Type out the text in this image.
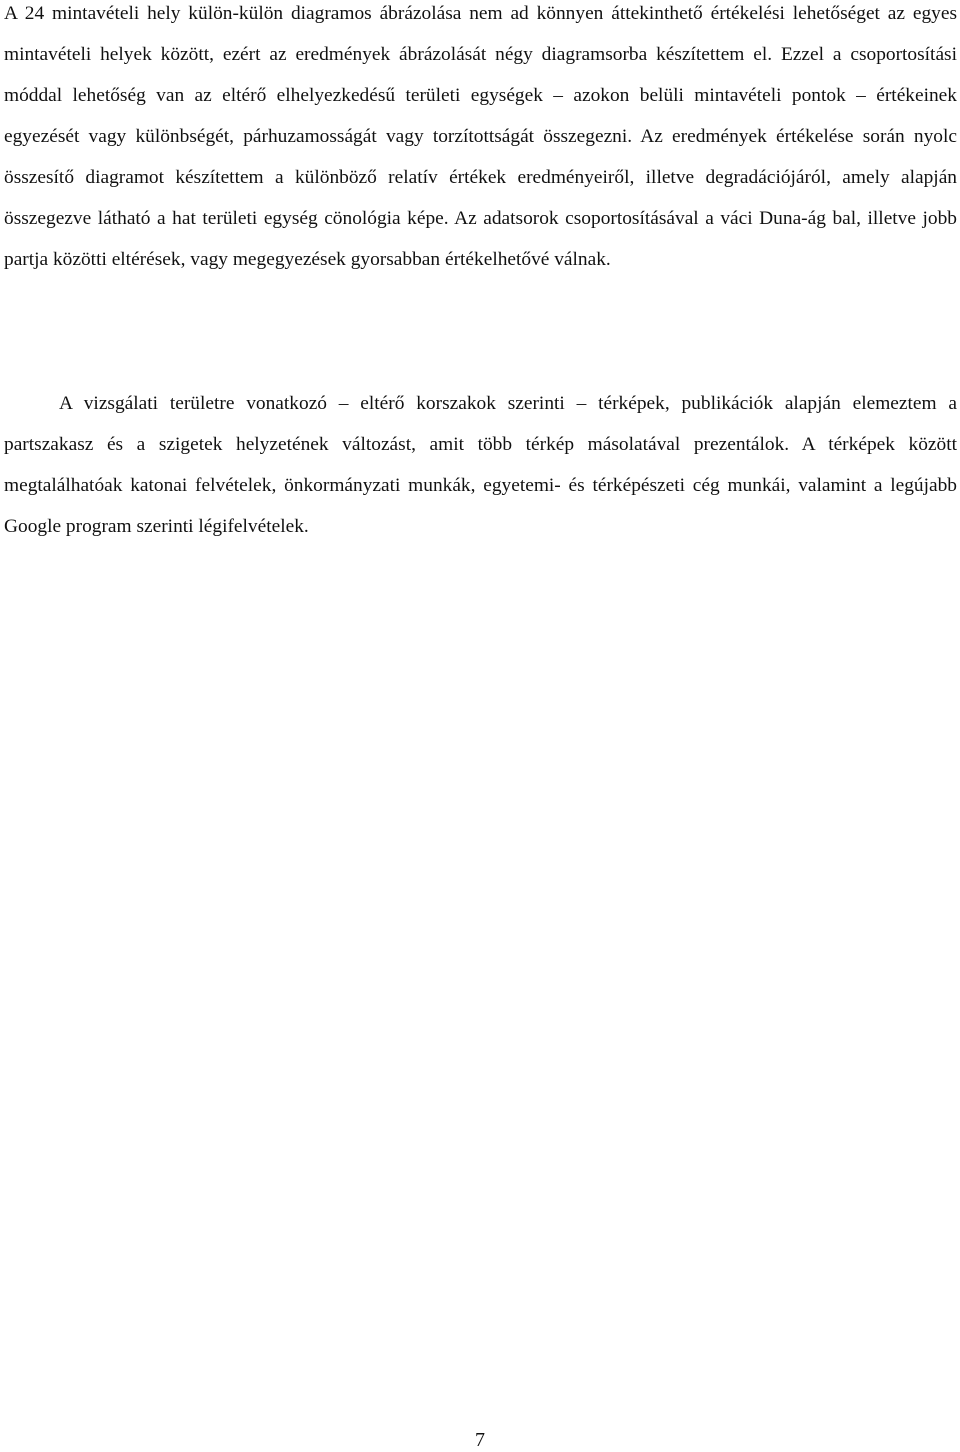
A 24 mintavételi hely külön-külön diagramos ábrázolása nem ad könnyen áttekinthető értékelési lehetőséget az egyes mintavételi helyek között, ezért az eredmények ábrázolását négy diagramsorba készítettem el. Ezzel a csoportosítási móddal lehetőség van az eltérő elhelyezkedésű területi egységek – azokon belüli mintavételi pontok – értékeinek egyezését vagy különbségét, párhuzamosságát vagy torzítottságát összegezni. Az eredmények értékelése során nyolc összesítő diagramot készítettem a különböző relatív értékek eredményeiről, illetve degradációjáról, amely alapján összegezve látható a hat területi egység cönológia képe. Az adatsorok csoportosításával a váci Duna-ág bal, illetve jobb partja közötti eltérések, vagy megegyezések gyorsabban értékelhetővé válnak.

A vizsgálati területre vonatkozó – eltérő korszakok szerinti – térképek, publikációk alapján elemeztem a partszakasz és a szigetek helyzetének változást, amit több térkép másolatával prezentálok. A térképek között megtalálhatóak katonai felvételek, önkormányzati munkák, egyetemi- és térképészeti cég munkái, valamint a legújabb Google program szerinti légifelvételek.

7
